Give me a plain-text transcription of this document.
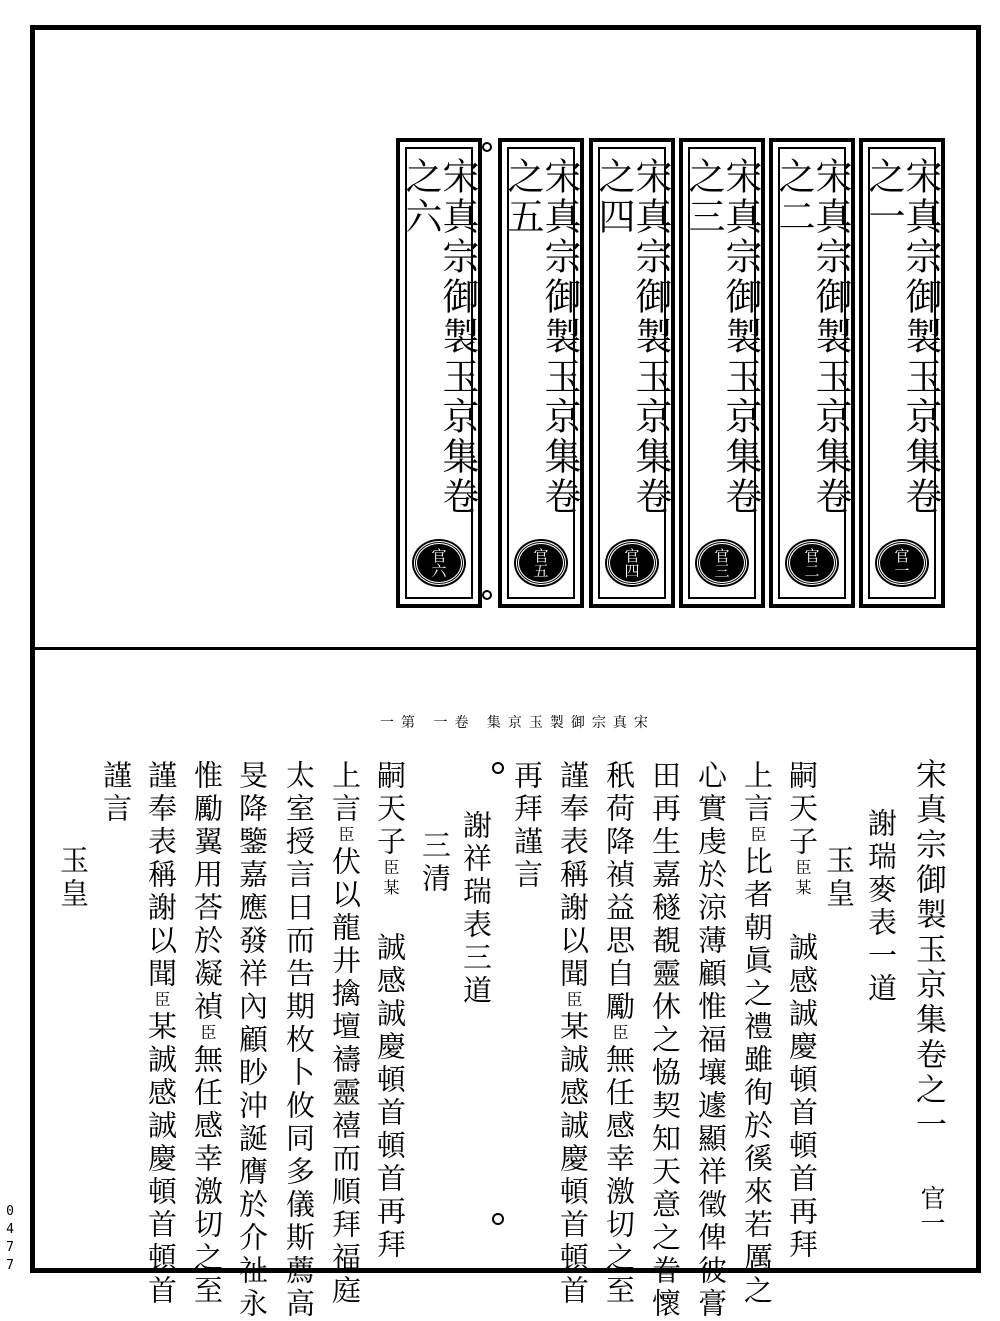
宋真宗御製玉京集卷之一
官一
宋真宗御製玉京集卷之二
官二
宋真宗御製玉京集卷之三
官三
宋真宗御製玉京集卷之四
官四
宋真宗御製玉京集卷之五
官五
宋真宗御製玉京集卷之六
官六
宋真宗御製玉京集 卷一 第一
宋真宗御製玉京集卷之一
謝瑞麥表一道
玉皇
嗣天子臣某　誠感誠慶頓首頓首再拜
上言臣比者朝眞之禮雖徇於徯來若厲之
心實虔於涼薄顧惟福壤遽顯祥徵俾彼膏
田再生嘉穟覩靈休之恊契知天意之眷懷
秖荷降禎益思自勵臣無任感幸激切之至
謹奉表稱謝以聞臣某誠感誠慶頓首頓首
再拜謹言
謝祥瑞表三道
三清
嗣天子臣某　誠感誠慶頓首頓首再拜
上言臣伏以龍井擒壇禱靈禧而順拜福庭
太室授言日而告期枚卜攸同多儀斯薦高
旻降鑒嘉應發祥內顧眇沖誕膺於介祉永
惟勵翼用荅於凝禎臣無任感幸激切之至
謹奉表稱謝以聞臣某誠感誠慶頓首頓首
謹言
玉皇
官一
0
4
7
7
